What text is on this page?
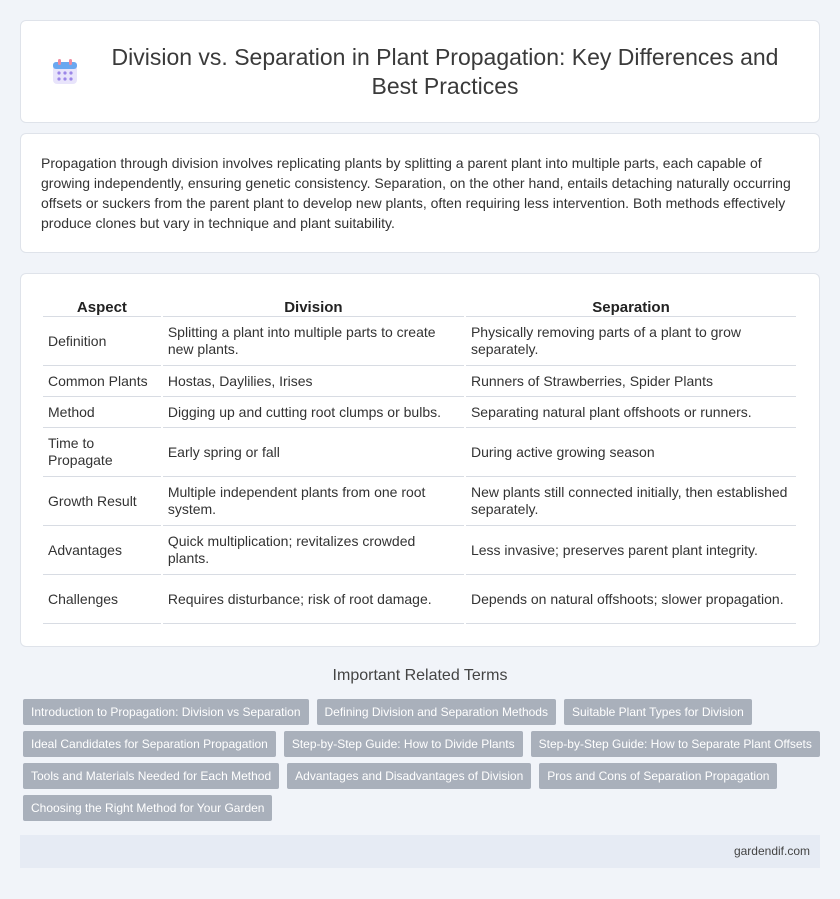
Division vs. Separation in Plant Propagation: Key Differences and Best Practices

Propagation through division involves replicating plants by splitting a parent plant into multiple parts, each capable of growing independently, ensuring genetic consistency. Separation, on the other hand, entails detaching naturally occurring offsets or suckers from the parent plant to develop new plants, often requiring less intervention. Both methods effectively produce clones but vary in technique and plant suitability.

Aspect	Division	Separation
Definition	Splitting a plant into multiple parts to create new plants.	Physically removing parts of a plant to grow separately.
Common Plants	Hostas, Daylilies, Irises	Runners of Strawberries, Spider Plants
Method	Digging up and cutting root clumps or bulbs.	Separating natural plant offshoots or runners.
Time to Propagate	Early spring or fall	During active growing season
Growth Result	Multiple independent plants from one root system.	New plants still connected initially, then established separately.
Advantages	Quick multiplication; revitalizes crowded plants.	Less invasive; preserves parent plant integrity.
Challenges	Requires disturbance; risk of root damage.	Depends on natural offshoots; slower propagation.
Important Related Terms
Introduction to Propagation: Division vs Separation	Defining Division and Separation Methods	Suitable Plant Types for Division
Ideal Candidates for Separation Propagation	Step-by-Step Guide: How to Divide Plants	Step-by-Step Guide: How to Separate Plant Offsets
Tools and Materials Needed for Each Method	Advantages and Disadvantages of Division	Pros and Cons of Separation Propagation
Choosing the Right Method for Your Garden
gardendif.com
